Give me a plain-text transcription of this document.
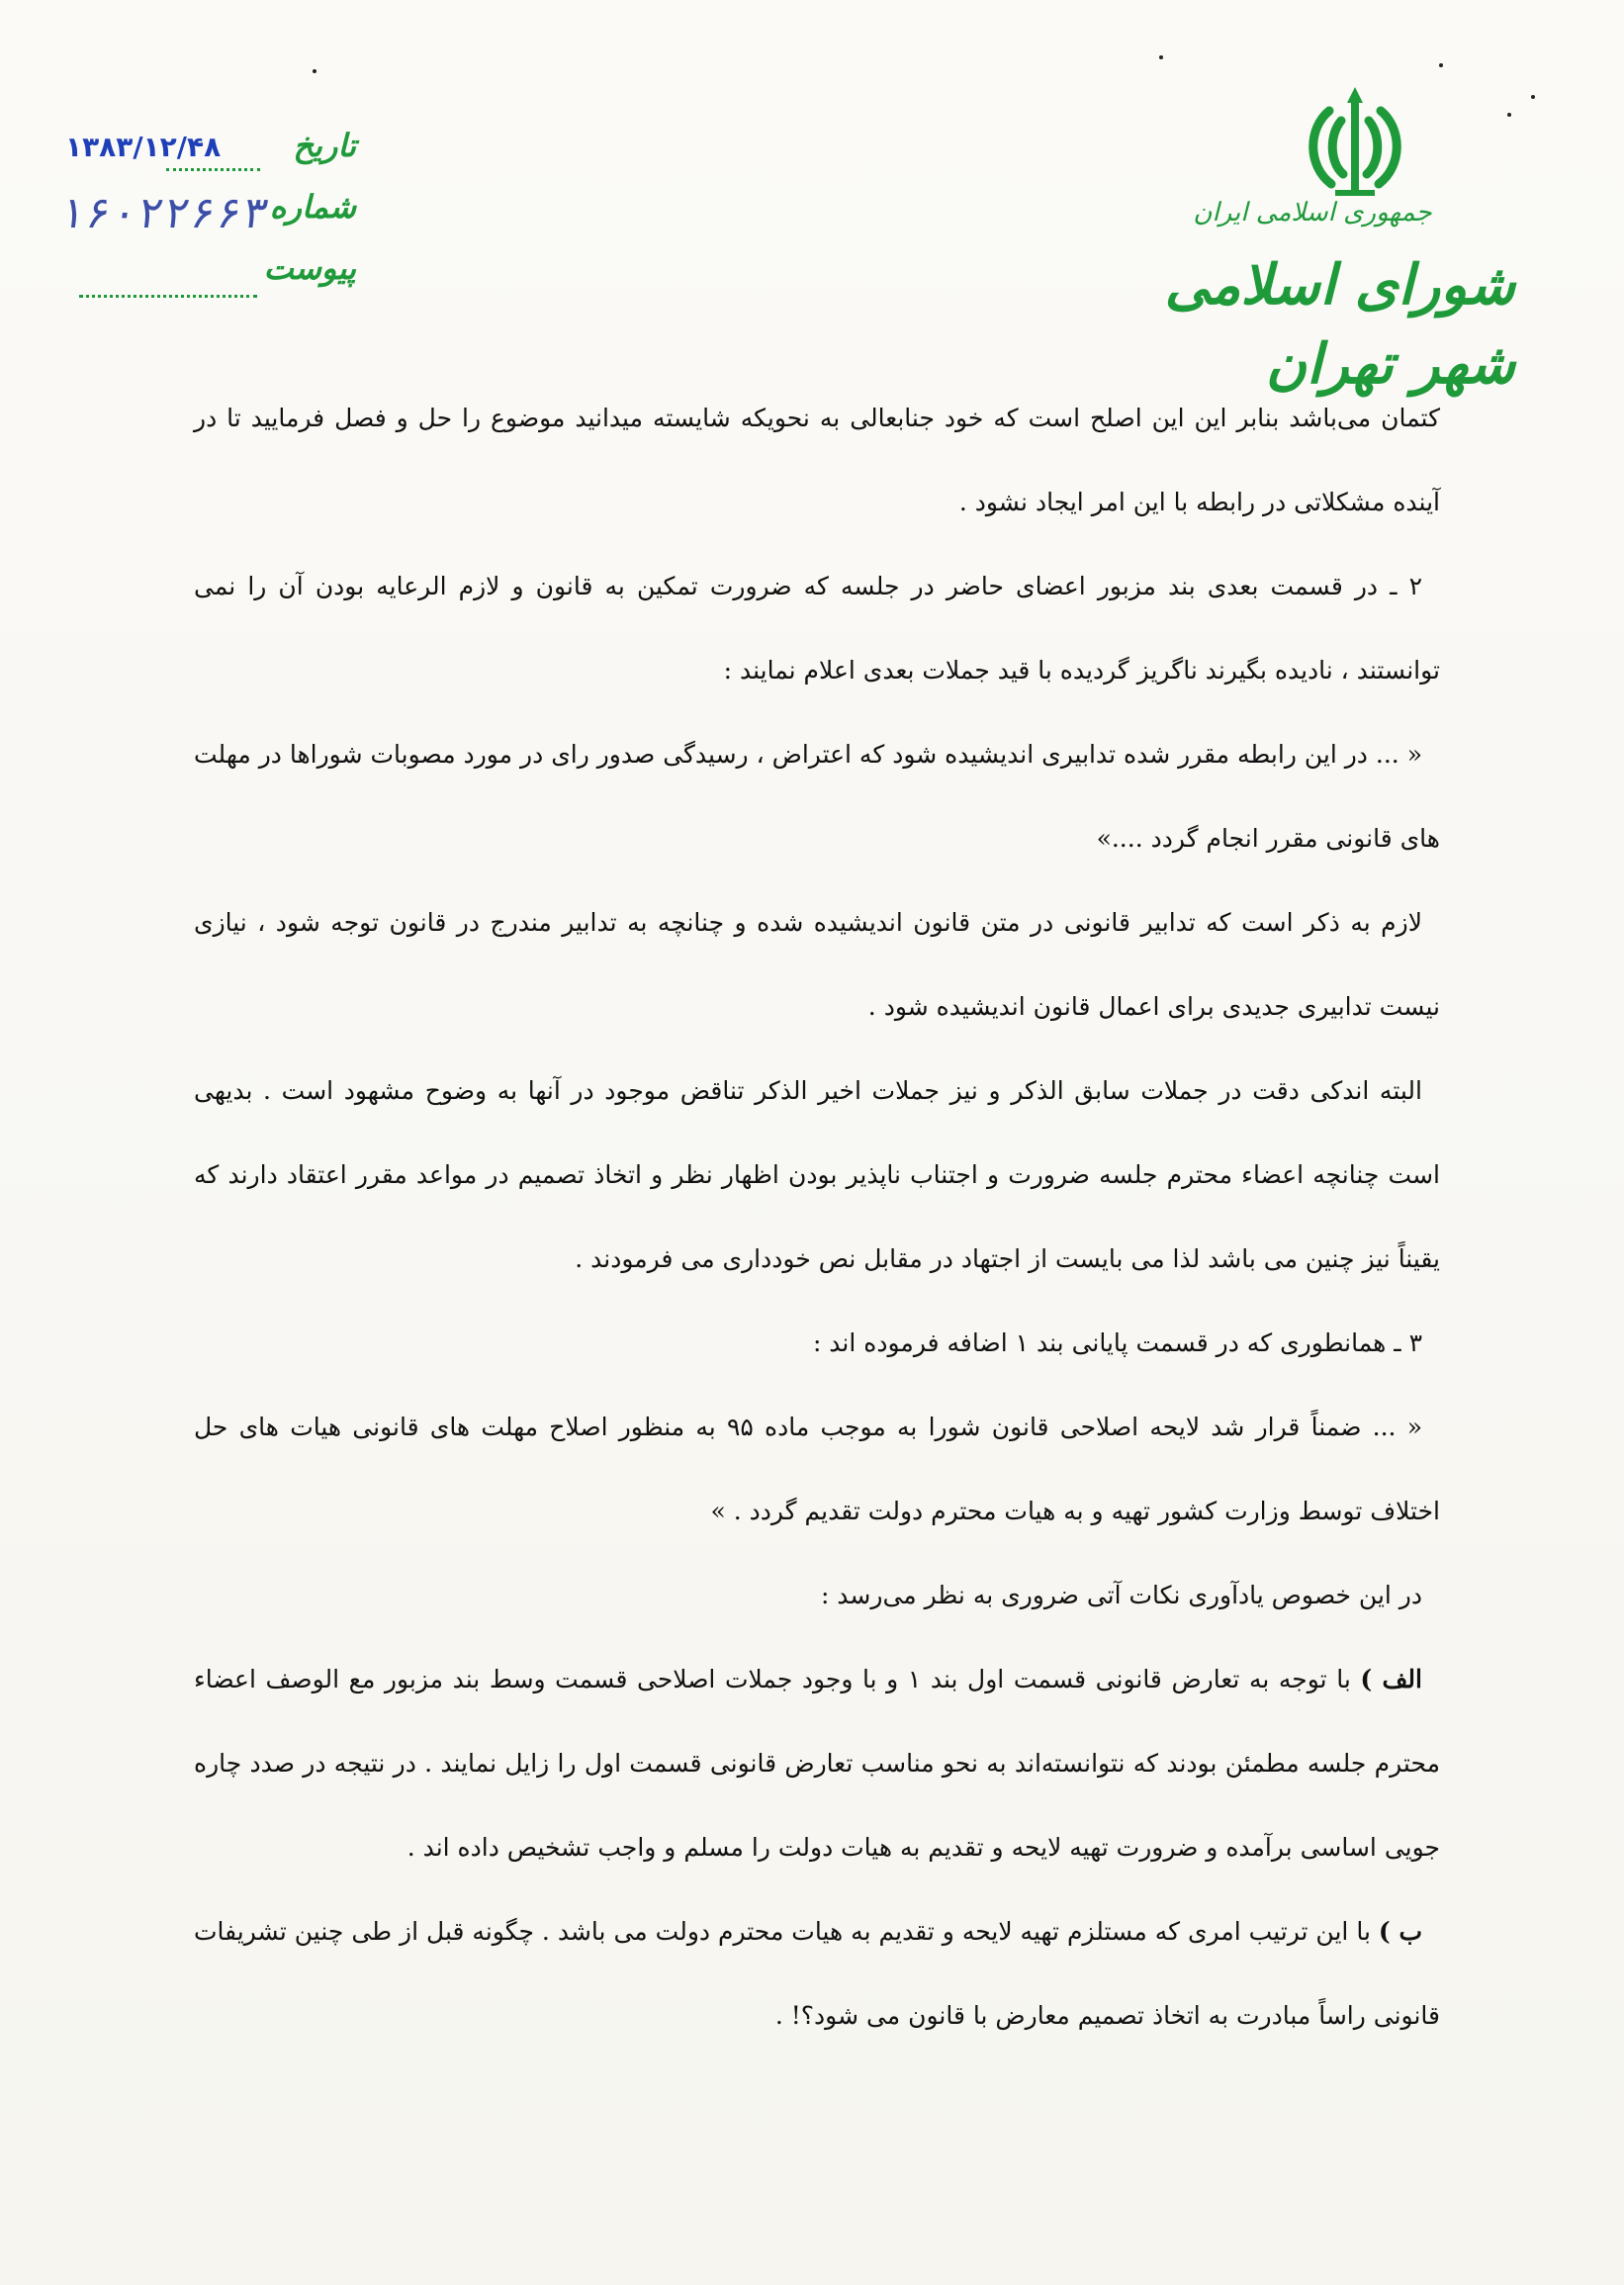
جمهوری اسلامی ایران
شورای اسلامی شهر تهران
تاریخ
۱۳۸۳/۱۲/۴۸
شماره
۱۶۰۲۲۶۶۳
پیوست

کتمان می‌باشد بنابر این این اصلح است که خود جنابعالی به نحویکه شایسته میدانید موضوع را حل و فصل فرمایید تا در آینده مشکلاتی در رابطه با این امر ایجاد نشود .

۲ ـ در قسمت بعدی بند مزبور اعضای حاضر در جلسه که ضرورت تمکین به قانون و لازم الرعایه بودن آن را نمی توانستند ، نادیده بگیرند ناگریز گردیده با قید جملات بعدی اعلام نمایند :

« ... در این رابطه مقرر شده تدابیری اندیشیده شود که اعتراض ، رسیدگی صدور رای در مورد مصوبات شوراها در مهلت های قانونی مقرر انجام گردد ....»

لازم به ذکر است که تدابیر قانونی در متن قانون اندیشیده شده و چنانچه به تدابیر مندرج در قانون توجه شود ، نیازی نیست تدابیری جدیدی برای اعمال قانون اندیشیده شود .

البته اندکی دقت در جملات سابق الذکر و نیز جملات اخیر الذکر تناقض موجود در آنها به وضوح مشهود است . بدیهی است چنانچه اعضاء محترم جلسه ضرورت و اجتناب ناپذیر بودن اظهار نظر و اتخاذ تصمیم در مواعد مقرر اعتقاد دارند که یقیناً نیز چنین می باشد لذا می بایست از اجتهاد در مقابل نص خودداری می فرمودند .

۳ ـ همانطوری که در قسمت پایانی بند ۱ اضافه فرموده اند :

« ... ضمناً قرار شد لایحه اصلاحی قانون شورا به موجب ماده ۹۵ به منظور اصلاح مهلت های قانونی هیات های حل اختلاف توسط وزارت کشور تهیه و به هیات محترم دولت تقدیم گردد . »

در این خصوص یادآوری نکات آتی ضروری به نظر می‌رسد :

الف ) با توجه به تعارض قانونی قسمت اول بند ۱ و با وجود جملات اصلاحی قسمت وسط بند مزبور مع الوصف اعضاء محترم جلسه مطمئن بودند که نتوانسته‌اند به نحو مناسب تعارض قانونی قسمت اول را زایل نمایند . در نتیجه در صدد چاره جویی اساسی برآمده و ضرورت تهیه لایحه و تقدیم به هیات دولت را مسلم و واجب تشخیص داده اند .

ب ) با این ترتیب امری که مستلزم تهیه لایحه و تقدیم به هیات محترم دولت می باشد . چگونه قبل از طی چنین تشریفات قانونی راساً مبادرت به اتخاذ تصمیم معارض با قانون می شود؟! .
